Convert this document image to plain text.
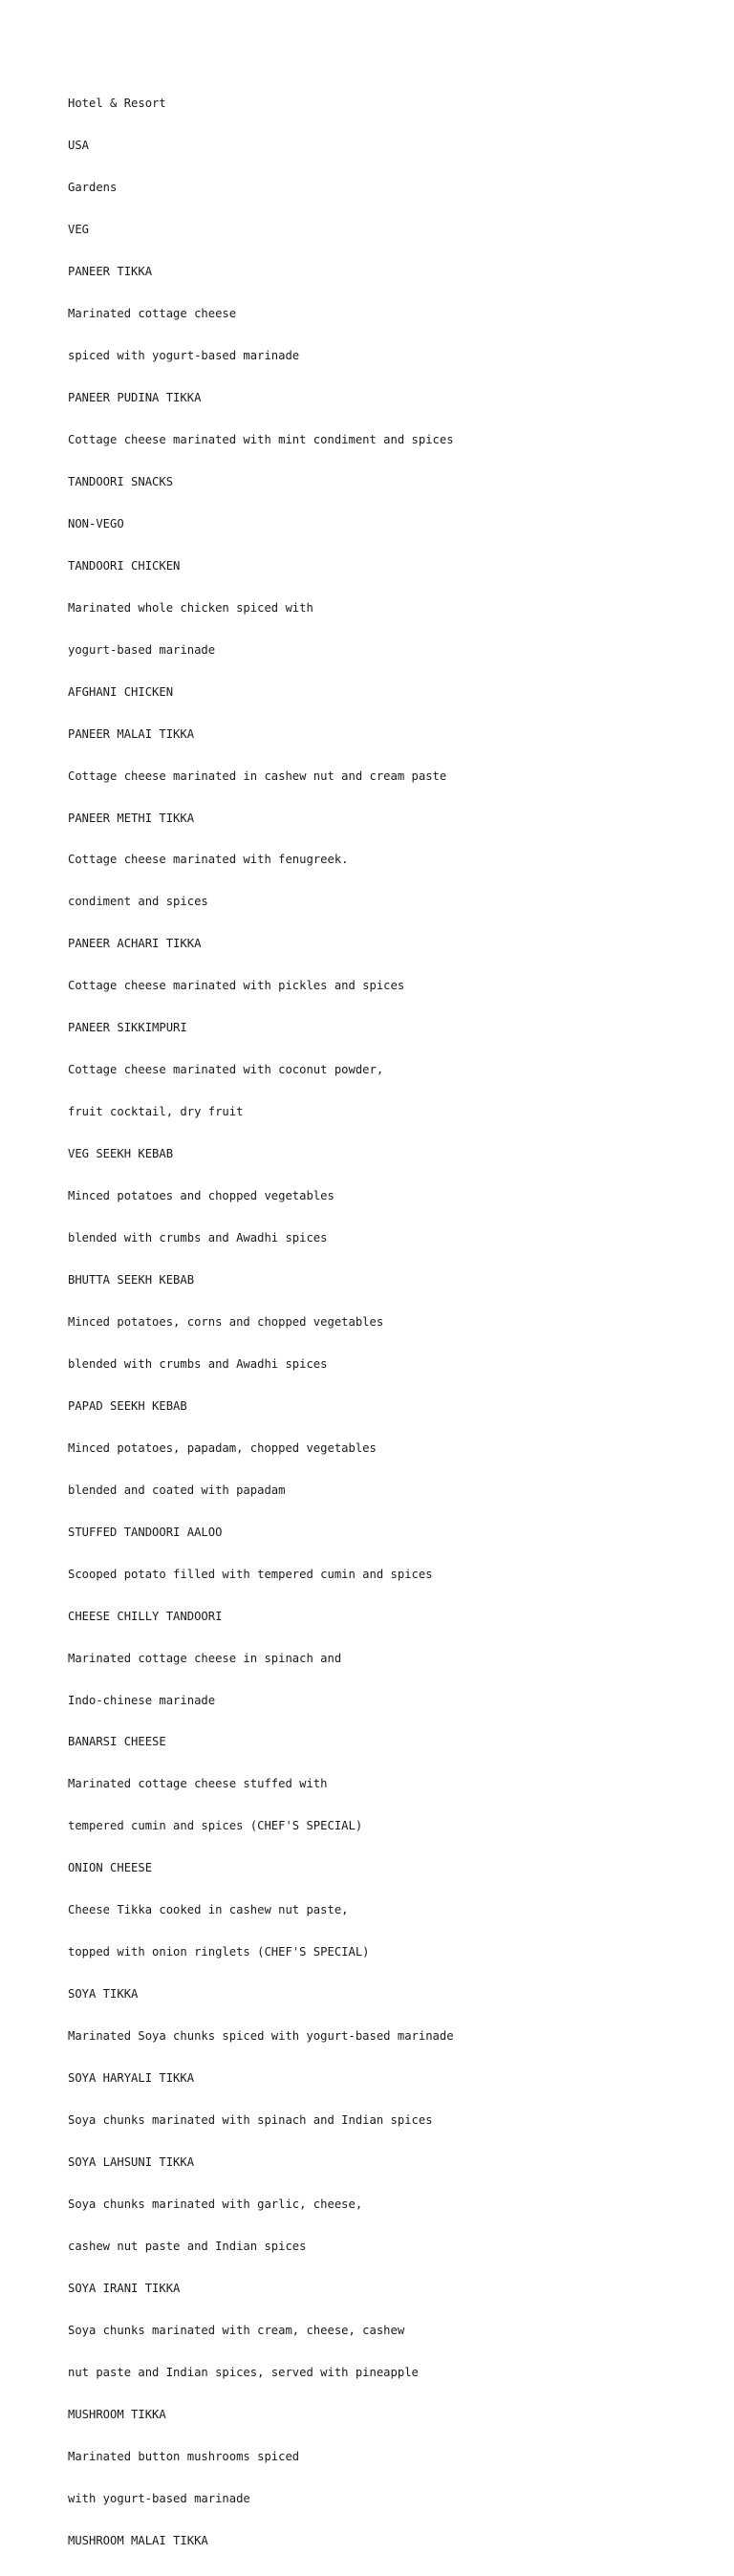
Hotel & Resort

USA

Gardens

VEG

PANEER TIKKA

Marinated cottage cheese

spiced with yogurt-based marinade

PANEER PUDINA TIKKA

Cottage cheese marinated with mint condiment and spices

TANDOORI SNACKS

NON-VEGO

TANDOORI CHICKEN

Marinated whole chicken spiced with

yogurt-based marinade

AFGHANI CHICKEN

PANEER MALAI TIKKA

Cottage cheese marinated in cashew nut and cream paste

PANEER METHI TIKKA

Cottage cheese marinated with fenugreek.

condiment and spices

PANEER ACHARI TIKKA

Cottage cheese marinated with pickles and spices

PANEER SIKKIMPURI

Cottage cheese marinated with coconut powder,

fruit cocktail, dry fruit

VEG SEEKH KEBAB

Minced potatoes and chopped vegetables

blended with crumbs and Awadhi spices

BHUTTA SEEKH KEBAB

Minced potatoes, corns and chopped vegetables

blended with crumbs and Awadhi spices

PAPAD SEEKH KEBAB

Minced potatoes, papadam, chopped vegetables

blended and coated with papadam

STUFFED TANDOORI AALOO

Scooped potato filled with tempered cumin and spices

CHEESE CHILLY TANDOORI

Marinated cottage cheese in spinach and

Indo-chinese marinade

BANARSI CHEESE

Marinated cottage cheese stuffed with

tempered cumin and spices (CHEF'S SPECIAL)

ONION CHEESE

Cheese Tikka cooked in cashew nut paste,

topped with onion ringlets (CHEF'S SPECIAL)

SOYA TIKKA

Marinated Soya chunks spiced with yogurt-based marinade

SOYA HARYALI TIKKA

Soya chunks marinated with spinach and Indian spices

SOYA LAHSUNI TIKKA

Soya chunks marinated with garlic, cheese,

cashew nut paste and Indian spices

SOYA IRANI TIKKA

Soya chunks marinated with cream, cheese, cashew

nut paste and Indian spices, served with pineapple

MUSHROOM TIKKA

Marinated button mushrooms spiced

with yogurt-based marinade

MUSHROOM MALAI TIKKA
